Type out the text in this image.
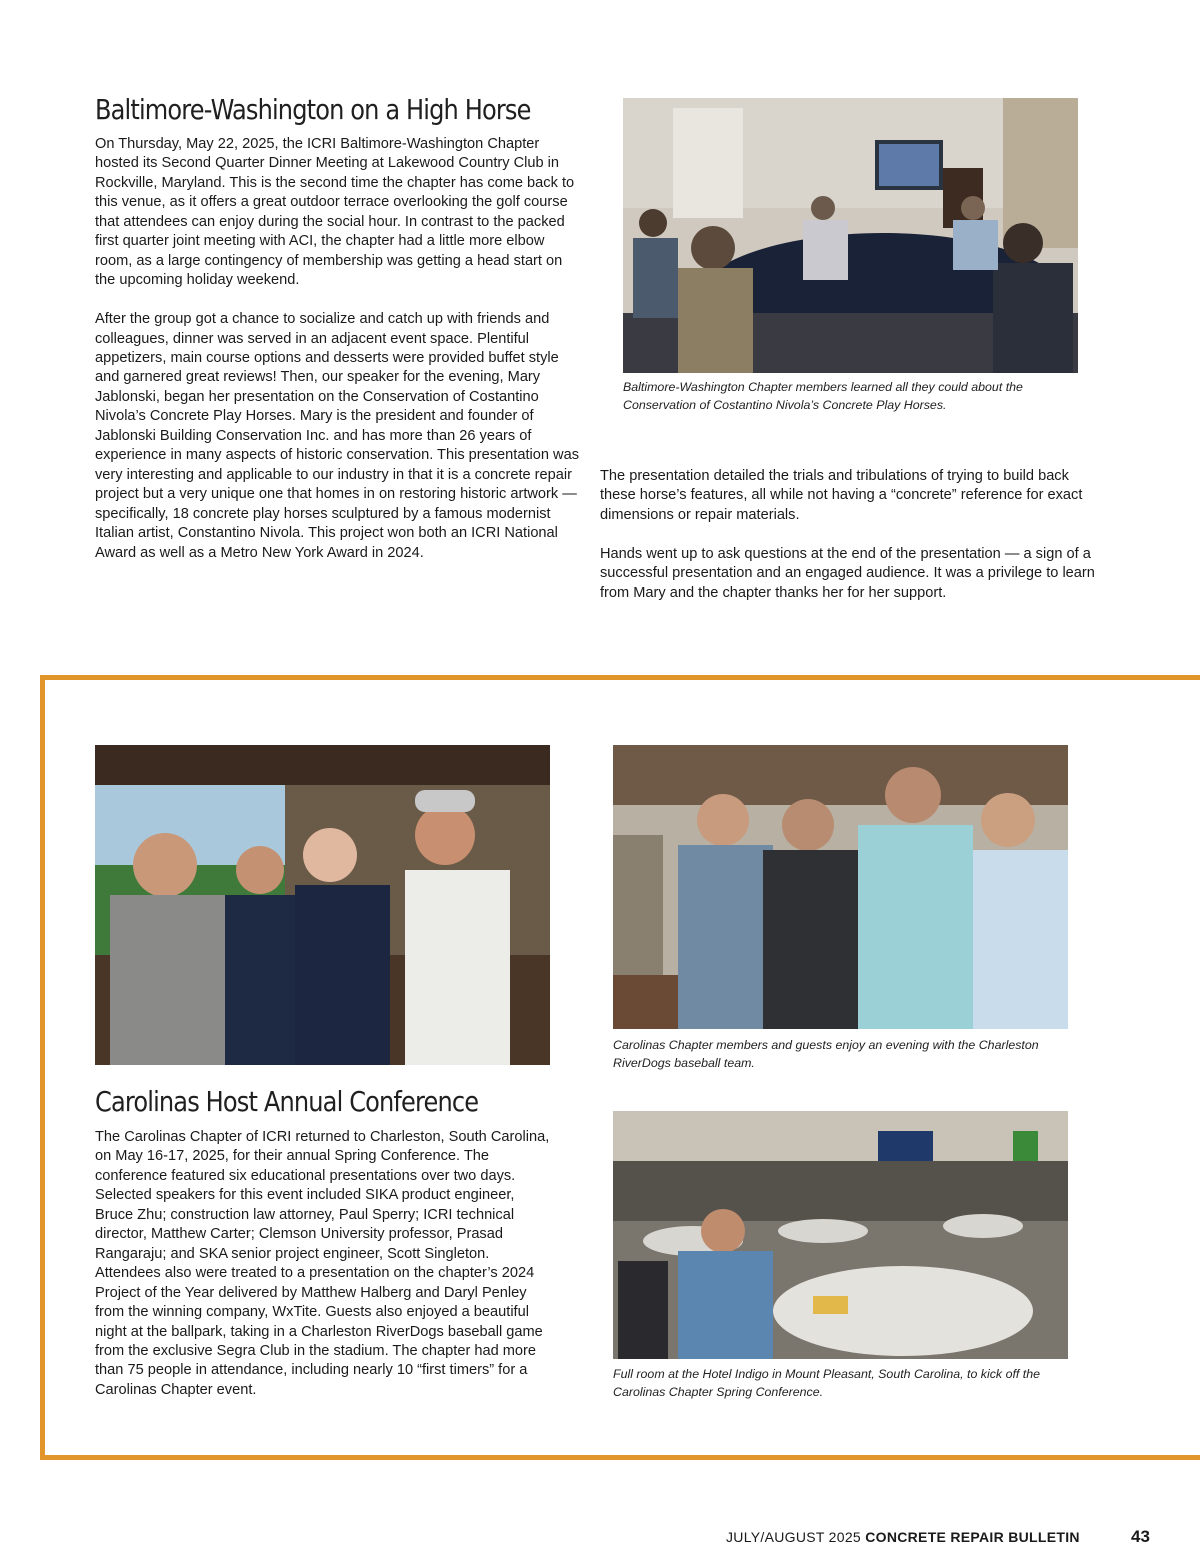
Baltimore-Washington on a High Horse

On Thursday, May 22, 2025, the ICRI Baltimore-Washington Chapter hosted its Second Quarter Dinner Meeting at Lakewood Country Club in Rockville, Maryland. This is the second time the chapter has come back to this venue, as it offers a great outdoor terrace overlooking the golf course that attendees can enjoy during the social hour. In contrast to the packed first quarter joint meeting with ACI, the chapter had a little more elbow room, as a large contingency of membership was getting a head start on the upcoming holiday weekend.

After the group got a chance to socialize and catch up with friends and colleagues, dinner was served in an adjacent event space. Plentiful appetizers, main course options and desserts were provided buffet style and garnered great reviews! Then, our speaker for the evening, Mary Jablonski, began her presentation on the Conservation of Costantino Nivola’s Concrete Play Horses. Mary is the president and founder of Jablonski Building Conservation Inc. and has more than 26 years of experience in many aspects of historic conservation. This presentation was very interesting and applicable to our industry in that it is a concrete repair project but a very unique one that homes in on restoring historic artwork — specifically, 18 concrete play horses sculptured by a famous modernist Italian artist, Constantino Nivola. This project won both an ICRI National Award as well as a Metro New York Award in 2024.

Baltimore-Washington Chapter members learned all they could about the Conservation of Costantino Nivola’s Concrete Play Horses.

The presentation detailed the trials and tribulations of trying to build back these horse’s features, all while not having a “concrete” reference for exact dimensions or repair materials.

Hands went up to ask questions at the end of the presentation — a sign of a successful presentation and an engaged audience. It was a privilege to learn from Mary and the chapter thanks her for her support.

Carolinas Host Annual Conference

The Carolinas Chapter of ICRI returned to Charleston, South Carolina, on May 16-17, 2025, for their annual Spring Conference. The conference featured six educational presentations over two days. Selected speakers for this event included SIKA product engineer, Bruce Zhu; construction law attorney, Paul Sperry; ICRI technical director, Matthew Carter; Clemson University professor, Prasad Rangaraju; and SKA senior project engineer, Scott Singleton. Attendees also were treated to a presentation on the chapter’s 2024 Project of the Year delivered by Matthew Halberg and Daryl Penley from the winning company, WxTite. Guests also enjoyed a beautiful night at the ballpark, taking in a Charleston RiverDogs baseball game from the exclusive Segra Club in the stadium. The chapter had more than 75 people in attendance, including nearly 10 “first timers” for a Carolinas Chapter event.

Carolinas Chapter members and guests enjoy an evening with the Charleston RiverDogs baseball team.
Full room at the Hotel Indigo in Mount Pleasant, South Carolina, to kick off the Carolinas Chapter Spring Conference.
JULY/AUGUST 2025 CONCRETE REPAIR BULLETIN	43
